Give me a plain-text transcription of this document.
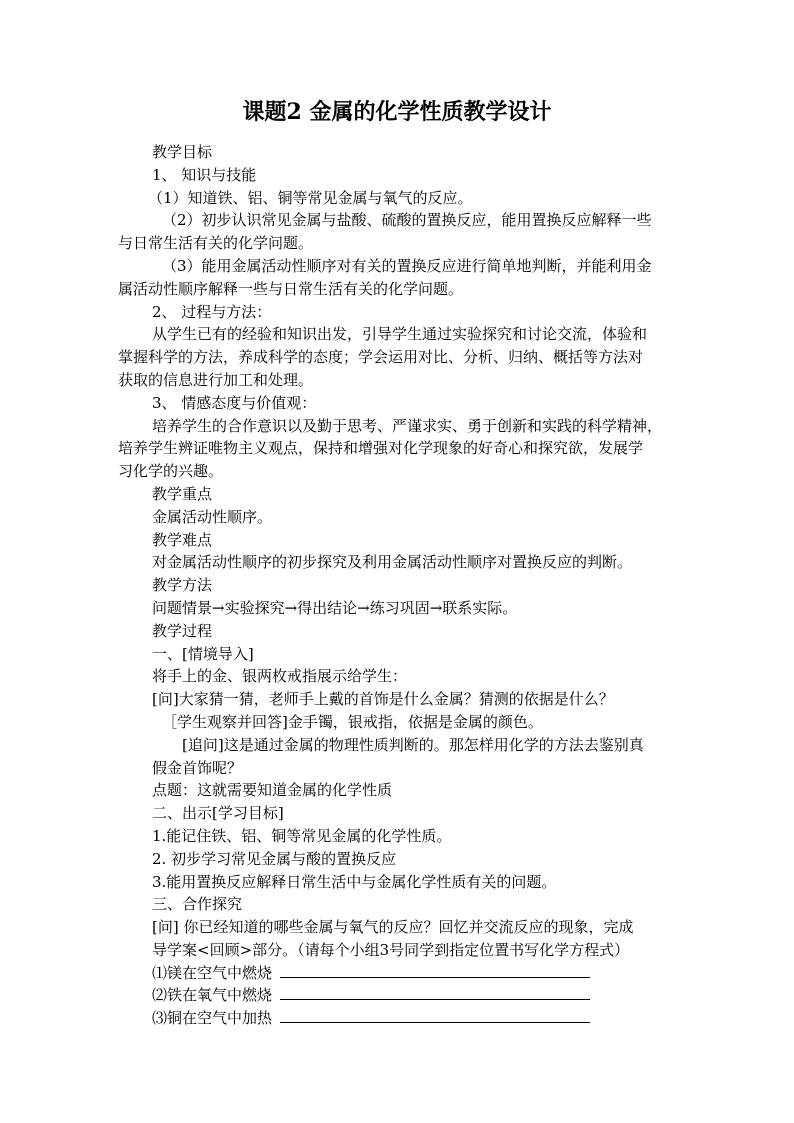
课题2 金属的化学性质教学设计

教学目标

1、 知识与技能

（1）知道铁、铝、铜等常见金属与氧气的反应。

（2）初步认识常见金属与盐酸、硫酸的置换反应，能用置换反应解释一些

与日常生活有关的化学问题。

（3）能用金属活动性顺序对有关的置换反应进行简单地判断，并能利用金

属活动性顺序解释一些与日常生活有关的化学问题。

2、 过程与方法：

从学生已有的经验和知识出发，引导学生通过实验探究和讨论交流，体验和

掌握科学的方法，养成科学的态度；学会运用对比、分析、归纳、概括等方法对

获取的信息进行加工和处理。

3、 情感态度与价值观：

培养学生的合作意识以及勤于思考、严谨求实、勇于创新和实践的科学精神，

培养学生辨证唯物主义观点，保持和增强对化学现象的好奇心和探究欲，发展学

习化学的兴趣。

教学重点

金属活动性顺序。

教学难点

对金属活动性顺序的初步探究及利用金属活动性顺序对置换反应的判断。

教学方法

问题情景→实验探究→得出结论→练习巩固→联系实际。

教学过程

一、[情境导入]

将手上的金、银两枚戒指展示给学生：

[问]大家猜一猜，老师手上戴的首饰是什么金属？猜测的依据是什么？

［学生观察并回答]金手镯，银戒指，依据是金属的颜色。

[追问]这是通过金属的物理性质判断的。那怎样用化学的方法去鉴别真

假金首饰呢？

点题：这就需要知道金属的化学性质

二、出示[学习目标]

1.能记住铁、铝、铜等常见金属的化学性质。

2. 初步学习常见金属与酸的置换反应

3.能用置换反应解释日常生活中与金属化学性质有关的问题。

三、合作探究

[问] 你已经知道的哪些金属与氧气的反应？回忆并交流反应的现象，完成

导学案<回顾>部分。（请每个小组3号同学到指定位置书写化学方程式）

⑴镁在空气中燃烧

⑵铁在氧气中燃烧

⑶铜在空气中加热
